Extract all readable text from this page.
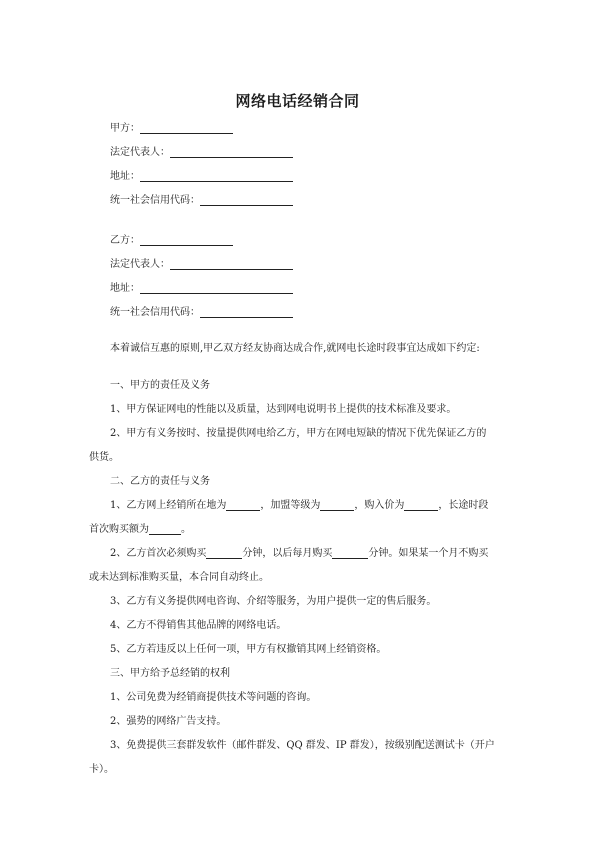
网络电话经销合同
甲方：
法定代表人：
地址：
统一社会信用代码：
乙方：
法定代表人：
地址：
统一社会信用代码：
本着诚信互惠的原则,甲乙双方经友协商达成合作,就网电长途时段事宜达成如下约定:
一、甲方的责任及义务
1、甲方保证网电的性能以及质量，达到网电说明书上提供的技术标准及要求。
2、甲方有义务按时、按量提供网电给乙方，甲方在网电短缺的情况下优先保证乙方的
供货。
二、乙方的责任与义务
1、乙方网上经销所在地为	，加盟等级为	，购入价为	，长途时段
首次购买额为	。
2、乙方首次必须购买	分钟，以后每月购买	分钟。如果某一个月不购买
或未达到标准购买量，本合同自动终止。
3、乙方有义务提供网电咨询、介绍等服务，为用户提供一定的售后服务。
4、乙方不得销售其他品牌的网络电话。
5、乙方若违反以上任何一项，甲方有权撤销其网上经销资格。
三、甲方给予总经销的权利
1、公司免费为经销商提供技术等问题的咨询。
2、强势的网络广告支持。
3、免费提供三套群发软件（邮件群发、QQ 群发、IP 群发），按级别配送测试卡（开户
卡）。
